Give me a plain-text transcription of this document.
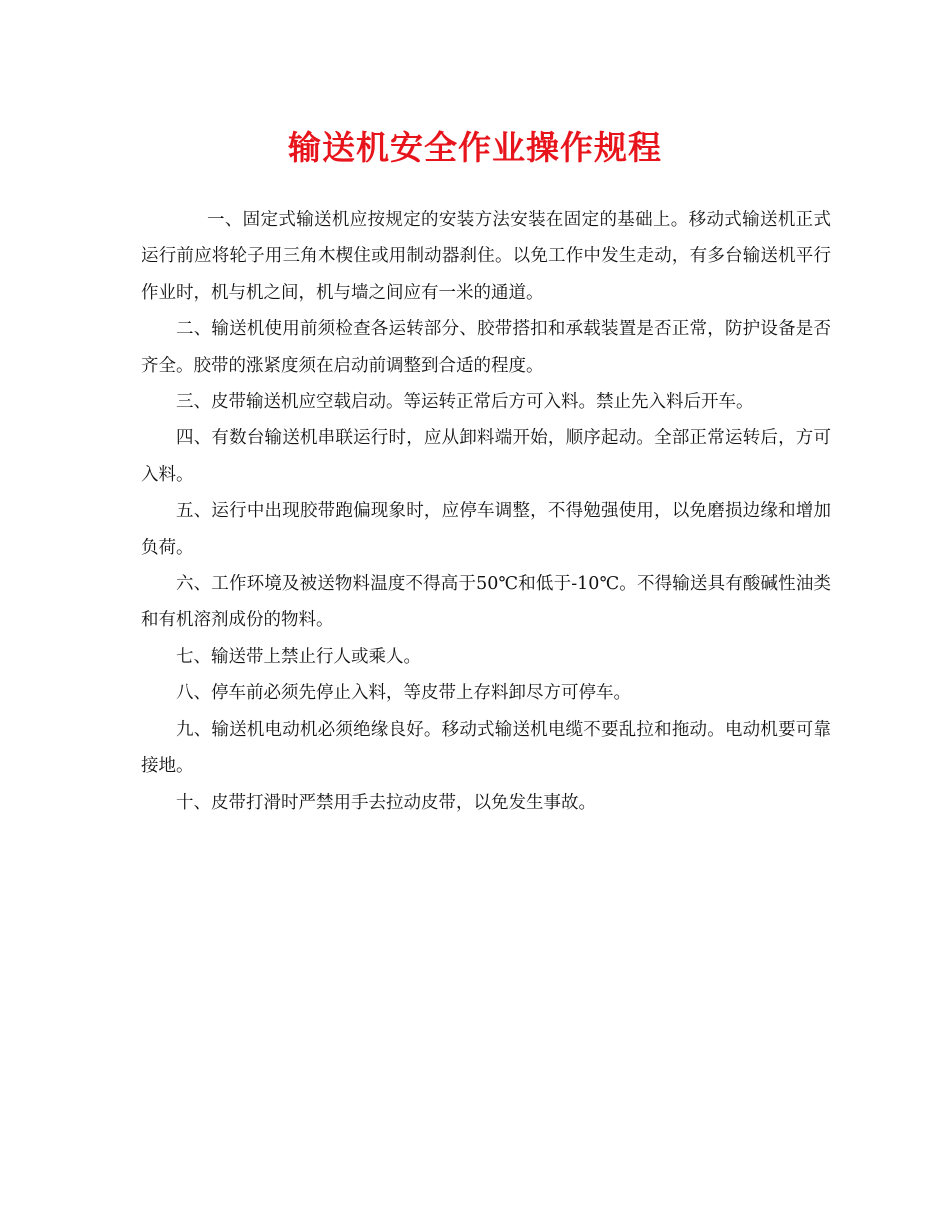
输送机安全作业操作规程

一、固定式输送机应按规定的安装方法安装在固定的基础上。移动式输送机正式运行前应将轮子用三角木楔住或用制动器刹住。以免工作中发生走动，有多台输送机平行作业时，机与机之间，机与墙之间应有一米的通道。

二、输送机使用前须检查各运转部分、胶带搭扣和承载装置是否正常，防护设备是否齐全。胶带的涨紧度须在启动前调整到合适的程度。

三、皮带输送机应空载启动。等运转正常后方可入料。禁止先入料后开车。

四、有数台输送机串联运行时，应从卸料端开始，顺序起动。全部正常运转后，方可入料。

五、运行中出现胶带跑偏现象时，应停车调整，不得勉强使用，以免磨损边缘和增加负荷。

六、工作环境及被送物料温度不得高于50℃和低于-10℃。不得输送具有酸碱性油类和有机溶剂成份的物料。

七、输送带上禁止行人或乘人。

八、停车前必须先停止入料，等皮带上存料卸尽方可停车。

九、输送机电动机必须绝缘良好。移动式输送机电缆不要乱拉和拖动。电动机要可靠接地。

十、皮带打滑时严禁用手去拉动皮带，以免发生事故。
